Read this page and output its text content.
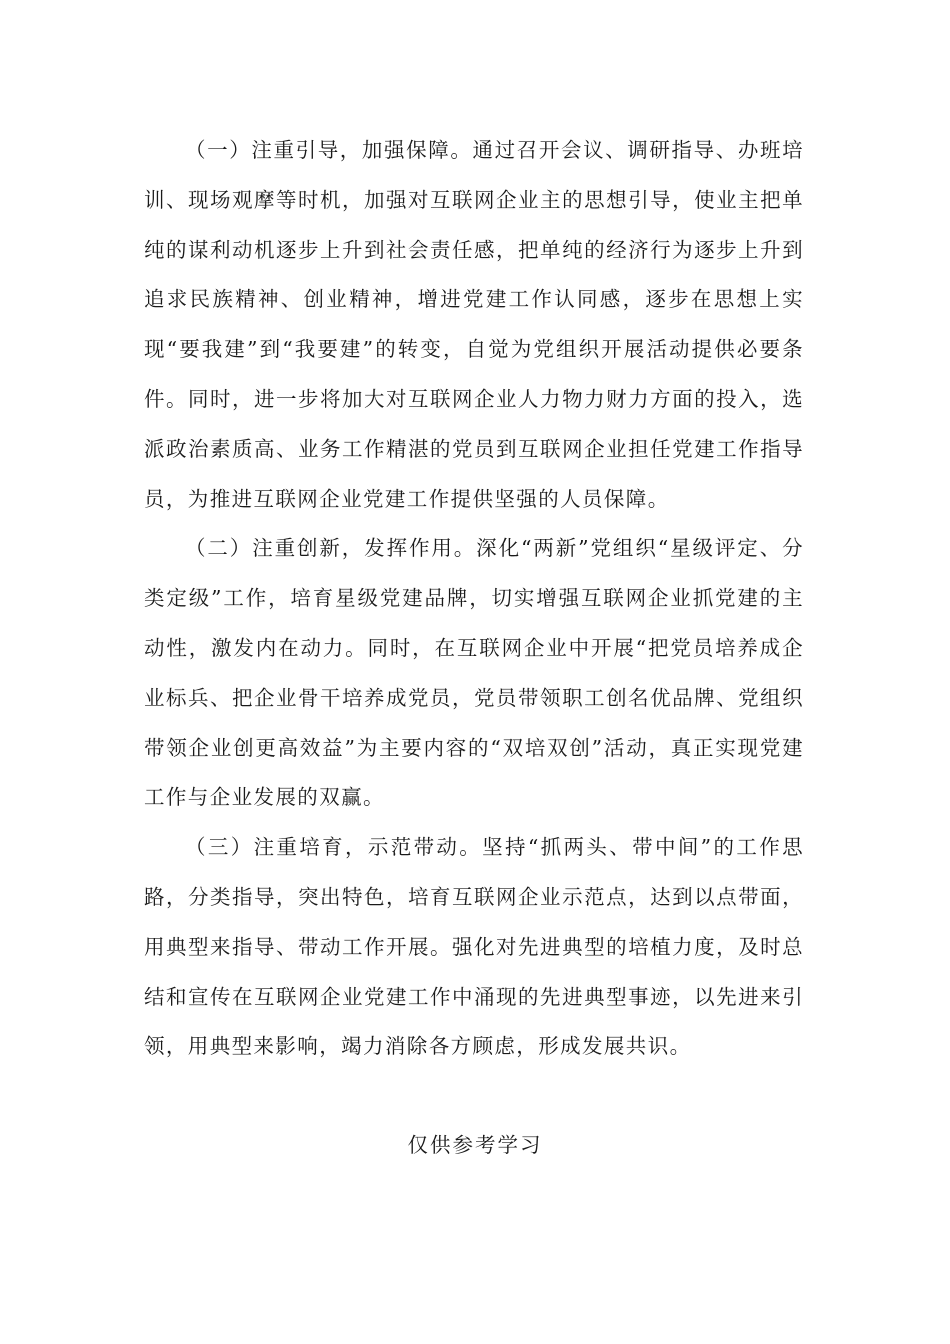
（一）注重引导，加强保障。通过召开会议、调研指导、办班培训、现场观摩等时机，加强对互联网企业主的思想引导，使业主把单纯的谋利动机逐步上升到社会责任感，把单纯的经济行为逐步上升到追求民族精神、创业精神，增进党建工作认同感，逐步在思想上实现“要我建”到“我要建”的转变，自觉为党组织开展活动提供必要条件。同时，进一步将加大对互联网企业人力物力财力方面的投入，选派政治素质高、业务工作精湛的党员到互联网企业担任党建工作指导员，为推进互联网企业党建工作提供坚强的人员保障。

（二）注重创新，发挥作用。深化“两新”党组织“星级评定、分类定级”工作，培育星级党建品牌，切实增强互联网企业抓党建的主动性，激发内在动力。同时，在互联网企业中开展“把党员培养成企业标兵、把企业骨干培养成党员，党员带领职工创名优品牌、党组织带领企业创更高效益”为主要内容的“双培双创”活动，真正实现党建工作与企业发展的双赢。

（三）注重培育，示范带动。坚持“抓两头、带中间”的工作思路，分类指导，突出特色，培育互联网企业示范点，达到以点带面，用典型来指导、带动工作开展。强化对先进典型的培植力度，及时总结和宣传在互联网企业党建工作中涌现的先进典型事迹，以先进来引领，用典型来影响，竭力消除各方顾虑，形成发展共识。

仅供参考学习
